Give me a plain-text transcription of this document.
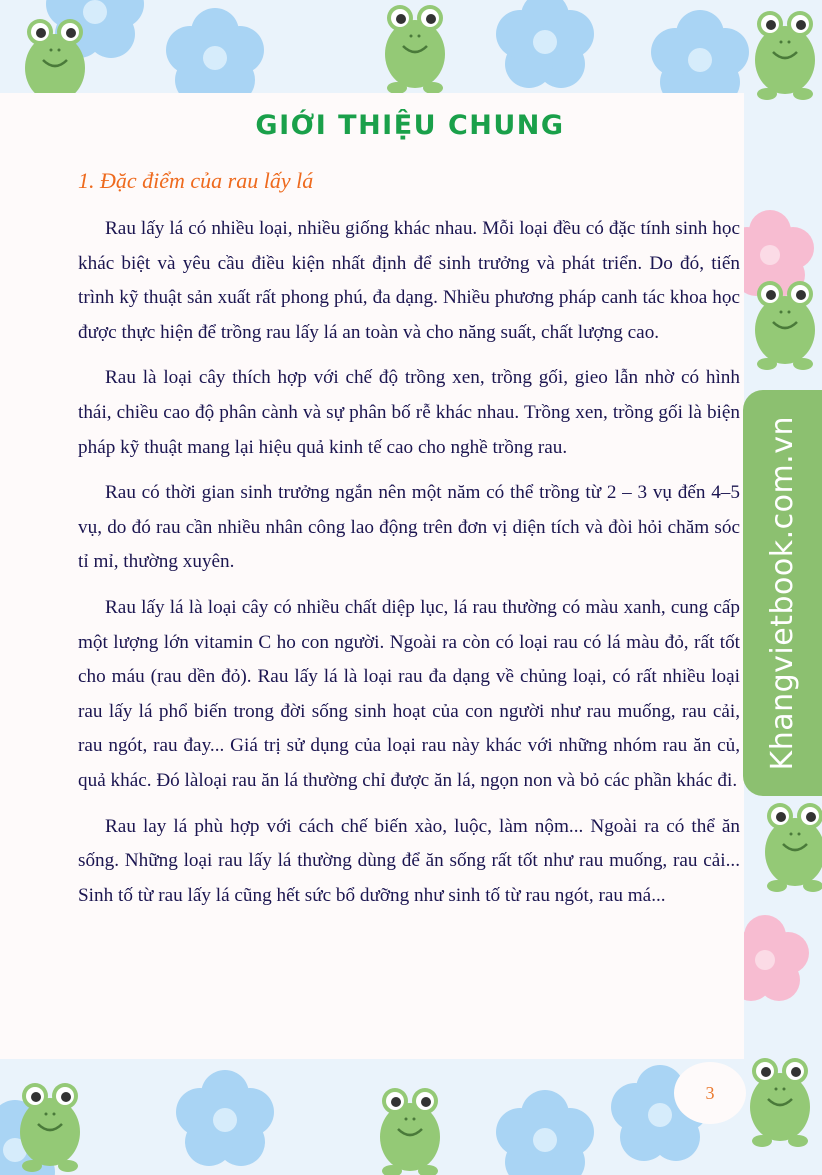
GIỚI THIỆU CHUNG
1. Đặc điểm của rau lấy lá

Rau lấy lá có nhiều loại, nhiều giống khác nhau. Mỗi loại đều có đặc tính sinh học khác biệt và yêu cầu điều kiện nhất định để sinh trưởng và phát triển. Do đó, tiến trình kỹ thuật sản xuất rất phong phú, đa dạng. Nhiều phương pháp canh tác khoa học được thực hiện để trồng rau lấy lá an toàn và cho năng suất, chất lượng cao.

Rau là loại cây thích hợp với chế độ trồng xen, trồng gối, gieo lẫn nhờ có hình thái, chiều cao độ phân cành và sự phân bố rễ khác nhau. Trồng xen, trồng gối là biện pháp kỹ thuật mang lại hiệu quả kinh tế cao cho nghề trồng rau.

Rau có thời gian sinh trưởng ngắn nên một năm có thể trồng từ 2 – 3 vụ đến 4–5 vụ, do đó rau cần nhiều nhân công lao động trên đơn vị diện tích và đòi hỏi chăm sóc tỉ mỉ, thường xuyên.

Rau lấy lá là loại cây có nhiều chất diệp lục, lá rau thường có màu xanh, cung cấp một lượng lớn vitamin C ho con người. Ngoài ra còn có loại rau có lá màu đỏ, rất tốt cho máu (rau dền đỏ). Rau lấy lá là loại rau đa dạng về chủng loại, có rất nhiều loại rau lấy lá phổ biến trong đời sống sinh hoạt của con người như rau muống, rau cải, rau ngót, rau đay... Giá trị sử dụng của loại rau này khác với những nhóm rau ăn củ, quả khác. Đó làloại rau ăn lá thường chỉ được ăn lá, ngọn non và bỏ các phần khác đi.

Rau lay lá phù hợp với cách chế biến xào, luộc, làm nộm... Ngoài ra có thể ăn sống. Những loại rau lấy lá thường dùng để ăn sống rất tốt như rau muống, rau cải... Sinh tố từ rau lấy lá cũng hết sức bổ dưỡng như sinh tố từ rau ngót, rau má...

Khangvietbook.com.vn
3
